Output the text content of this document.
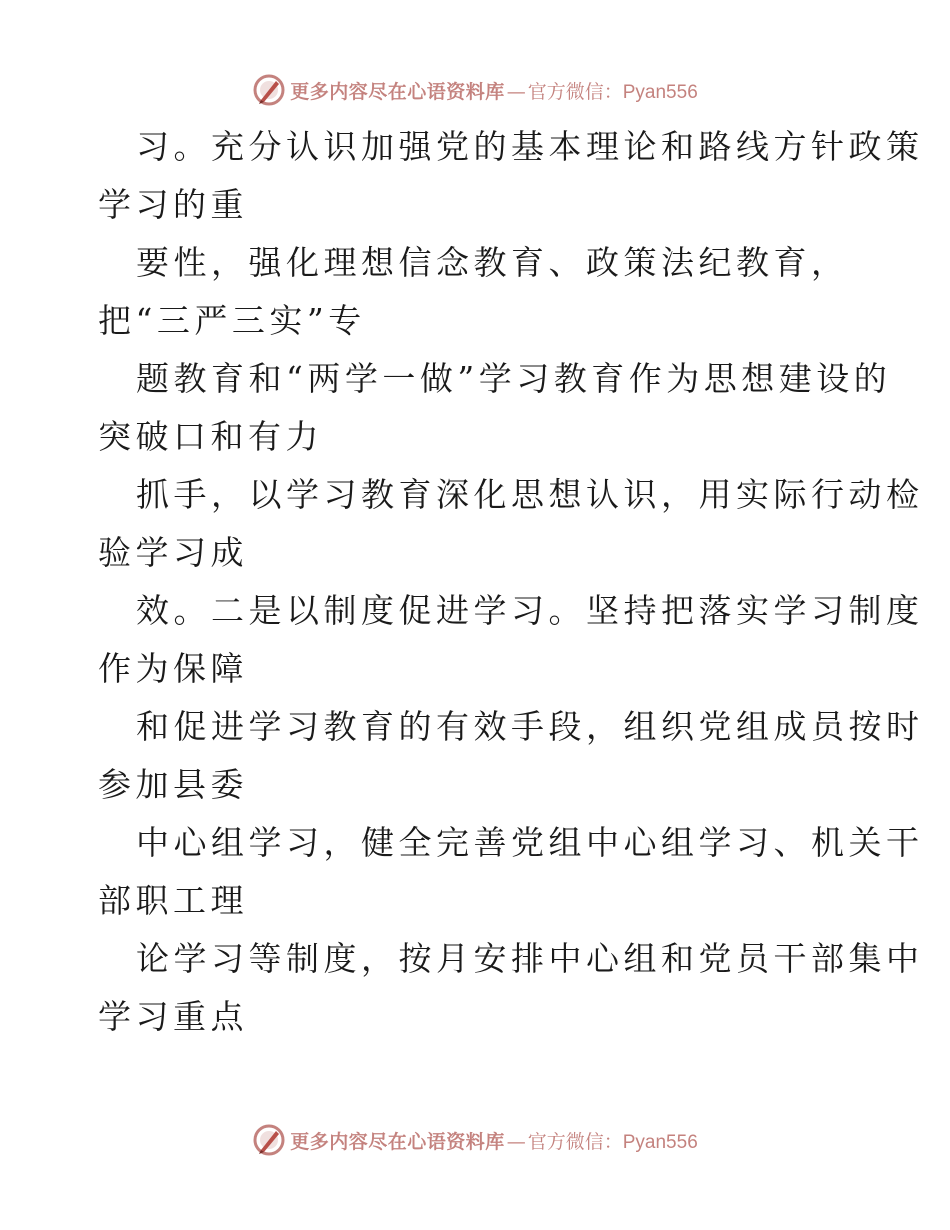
更多内容尽在心语资料库 — 官方微信： Pyan556
习。充分认识加强党的基本理论和路线方针政策
学习的重
要性，强化理想信念教育、政策法纪教育，
把“三严三实”专
题教育和“两学一做”学习教育作为思想建设的
突破口和有力
抓手，以学习教育深化思想认识，用实际行动检
验学习成
效。二是以制度促进学习。坚持把落实学习制度
作为保障
和促进学习教育的有效手段，组织党组成员按时
参加县委
中心组学习，健全完善党组中心组学习、机关干
部职工理
论学习等制度，按月安排中心组和党员干部集中
学习重点
更多内容尽在心语资料库 — 官方微信： Pyan556
